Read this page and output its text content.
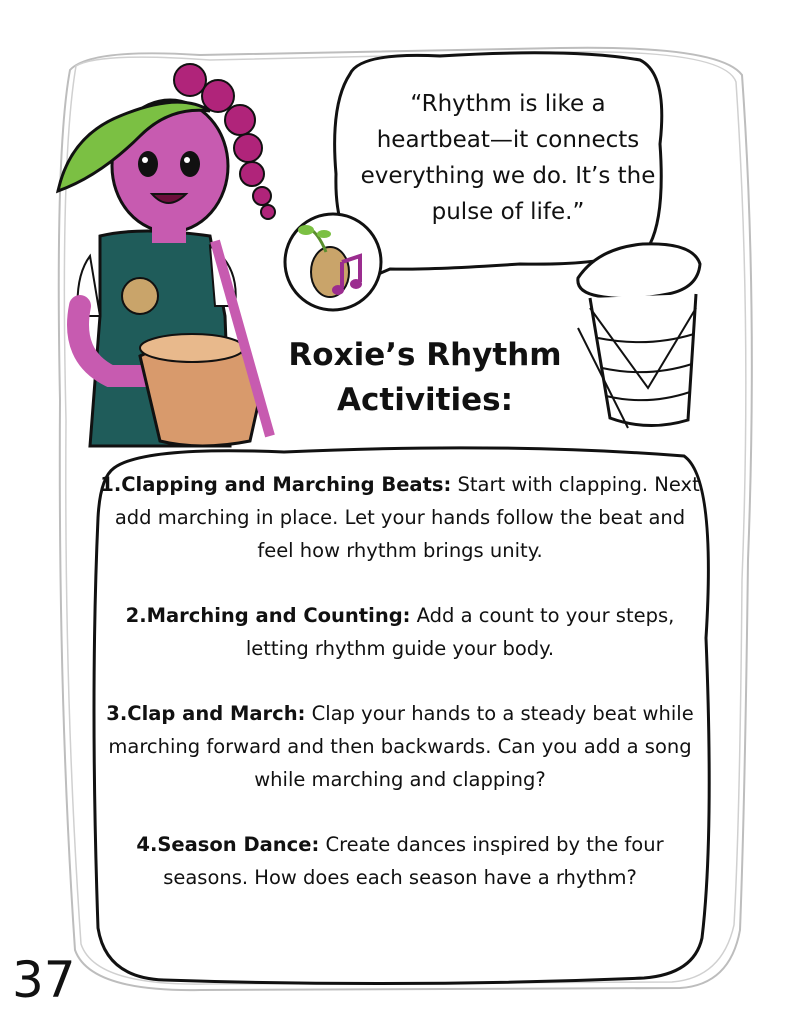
“Rhythm is like a heartbeat—it connects everything we do. It’s the pulse of life.”
Roxie’s Rhythm Activities:

1.Clapping and Marching Beats: Start with clapping. Next add marching in place. Let your hands follow the beat and feel how rhythm brings unity.

2.Marching and Counting: Add a count to your steps, letting rhythm guide your body.

3.Clap and March: Clap your hands to a steady beat while marching forward and then backwards. Can you add a song while marching and clapping?

4.Season Dance: Create dances inspired by the four seasons. How does each season have a rhythm?

37
